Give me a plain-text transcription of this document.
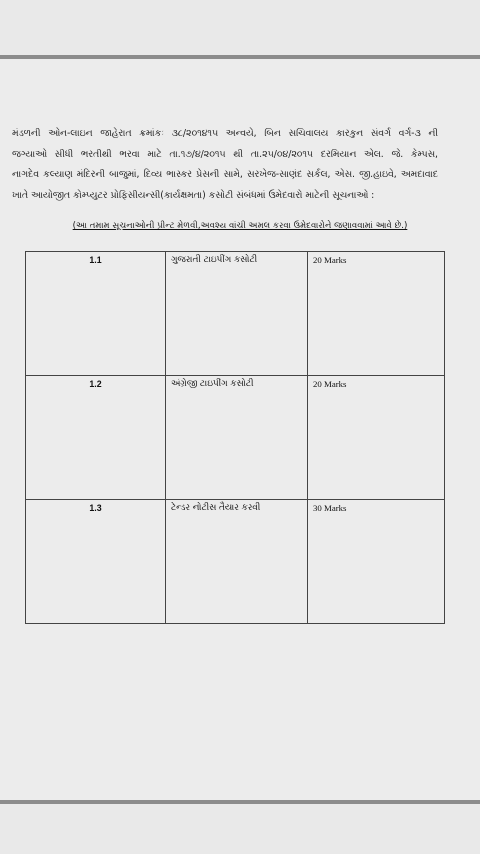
મંડળની ઓન-લાઇન જાહેરાત ક્રમાંકઃ ૩૮/૨૦૧૪૧૫ અન્વયે, બિન સચિવાલય કારકુન સંવર્ગ વર્ગ-૩ ની
જગ્યાઓ સીધી ભરતીથી ભરવા માટે તા.૧૭/૪/૨૦૧૫ થી તા.૨૫/૦૪/૨૦૧૫ દરમિયાન એલ. જે. કેમ્પસ,
નાગદેવ કલ્યાણ મંદિરની બાજુમાં, દિવ્ય ભાસ્કર પ્રેસની સામે, સરખેજ-સાણંદ સર્કલ, એસ. જી.હાઇવે, અમદાવાદ
ખાતે આયોજીત કોમ્પ્યુટર પ્રોફિસીયન્સી(કાર્યક્ષમતા) કસોટી સંબંધમાં ઉમેદવારો માટેની સૂચનાઓ :
(આ તમામ સૂચનાઓની પ્રીન્ટ મેળવી,અવશ્ય વાંચી અમલ કરવા ઉમેદવારોને જણાવવામાં આવે છે.)
1.1	ગુજરાતી ટાઇપીંગ કસોટી	20 Marks
1.2	અંગ્રેજી ટાઇપીંગ કસોટી	20 Marks
1.3	ટેન્ડર નોટીસ તૈયાર કરવી	30 Marks
